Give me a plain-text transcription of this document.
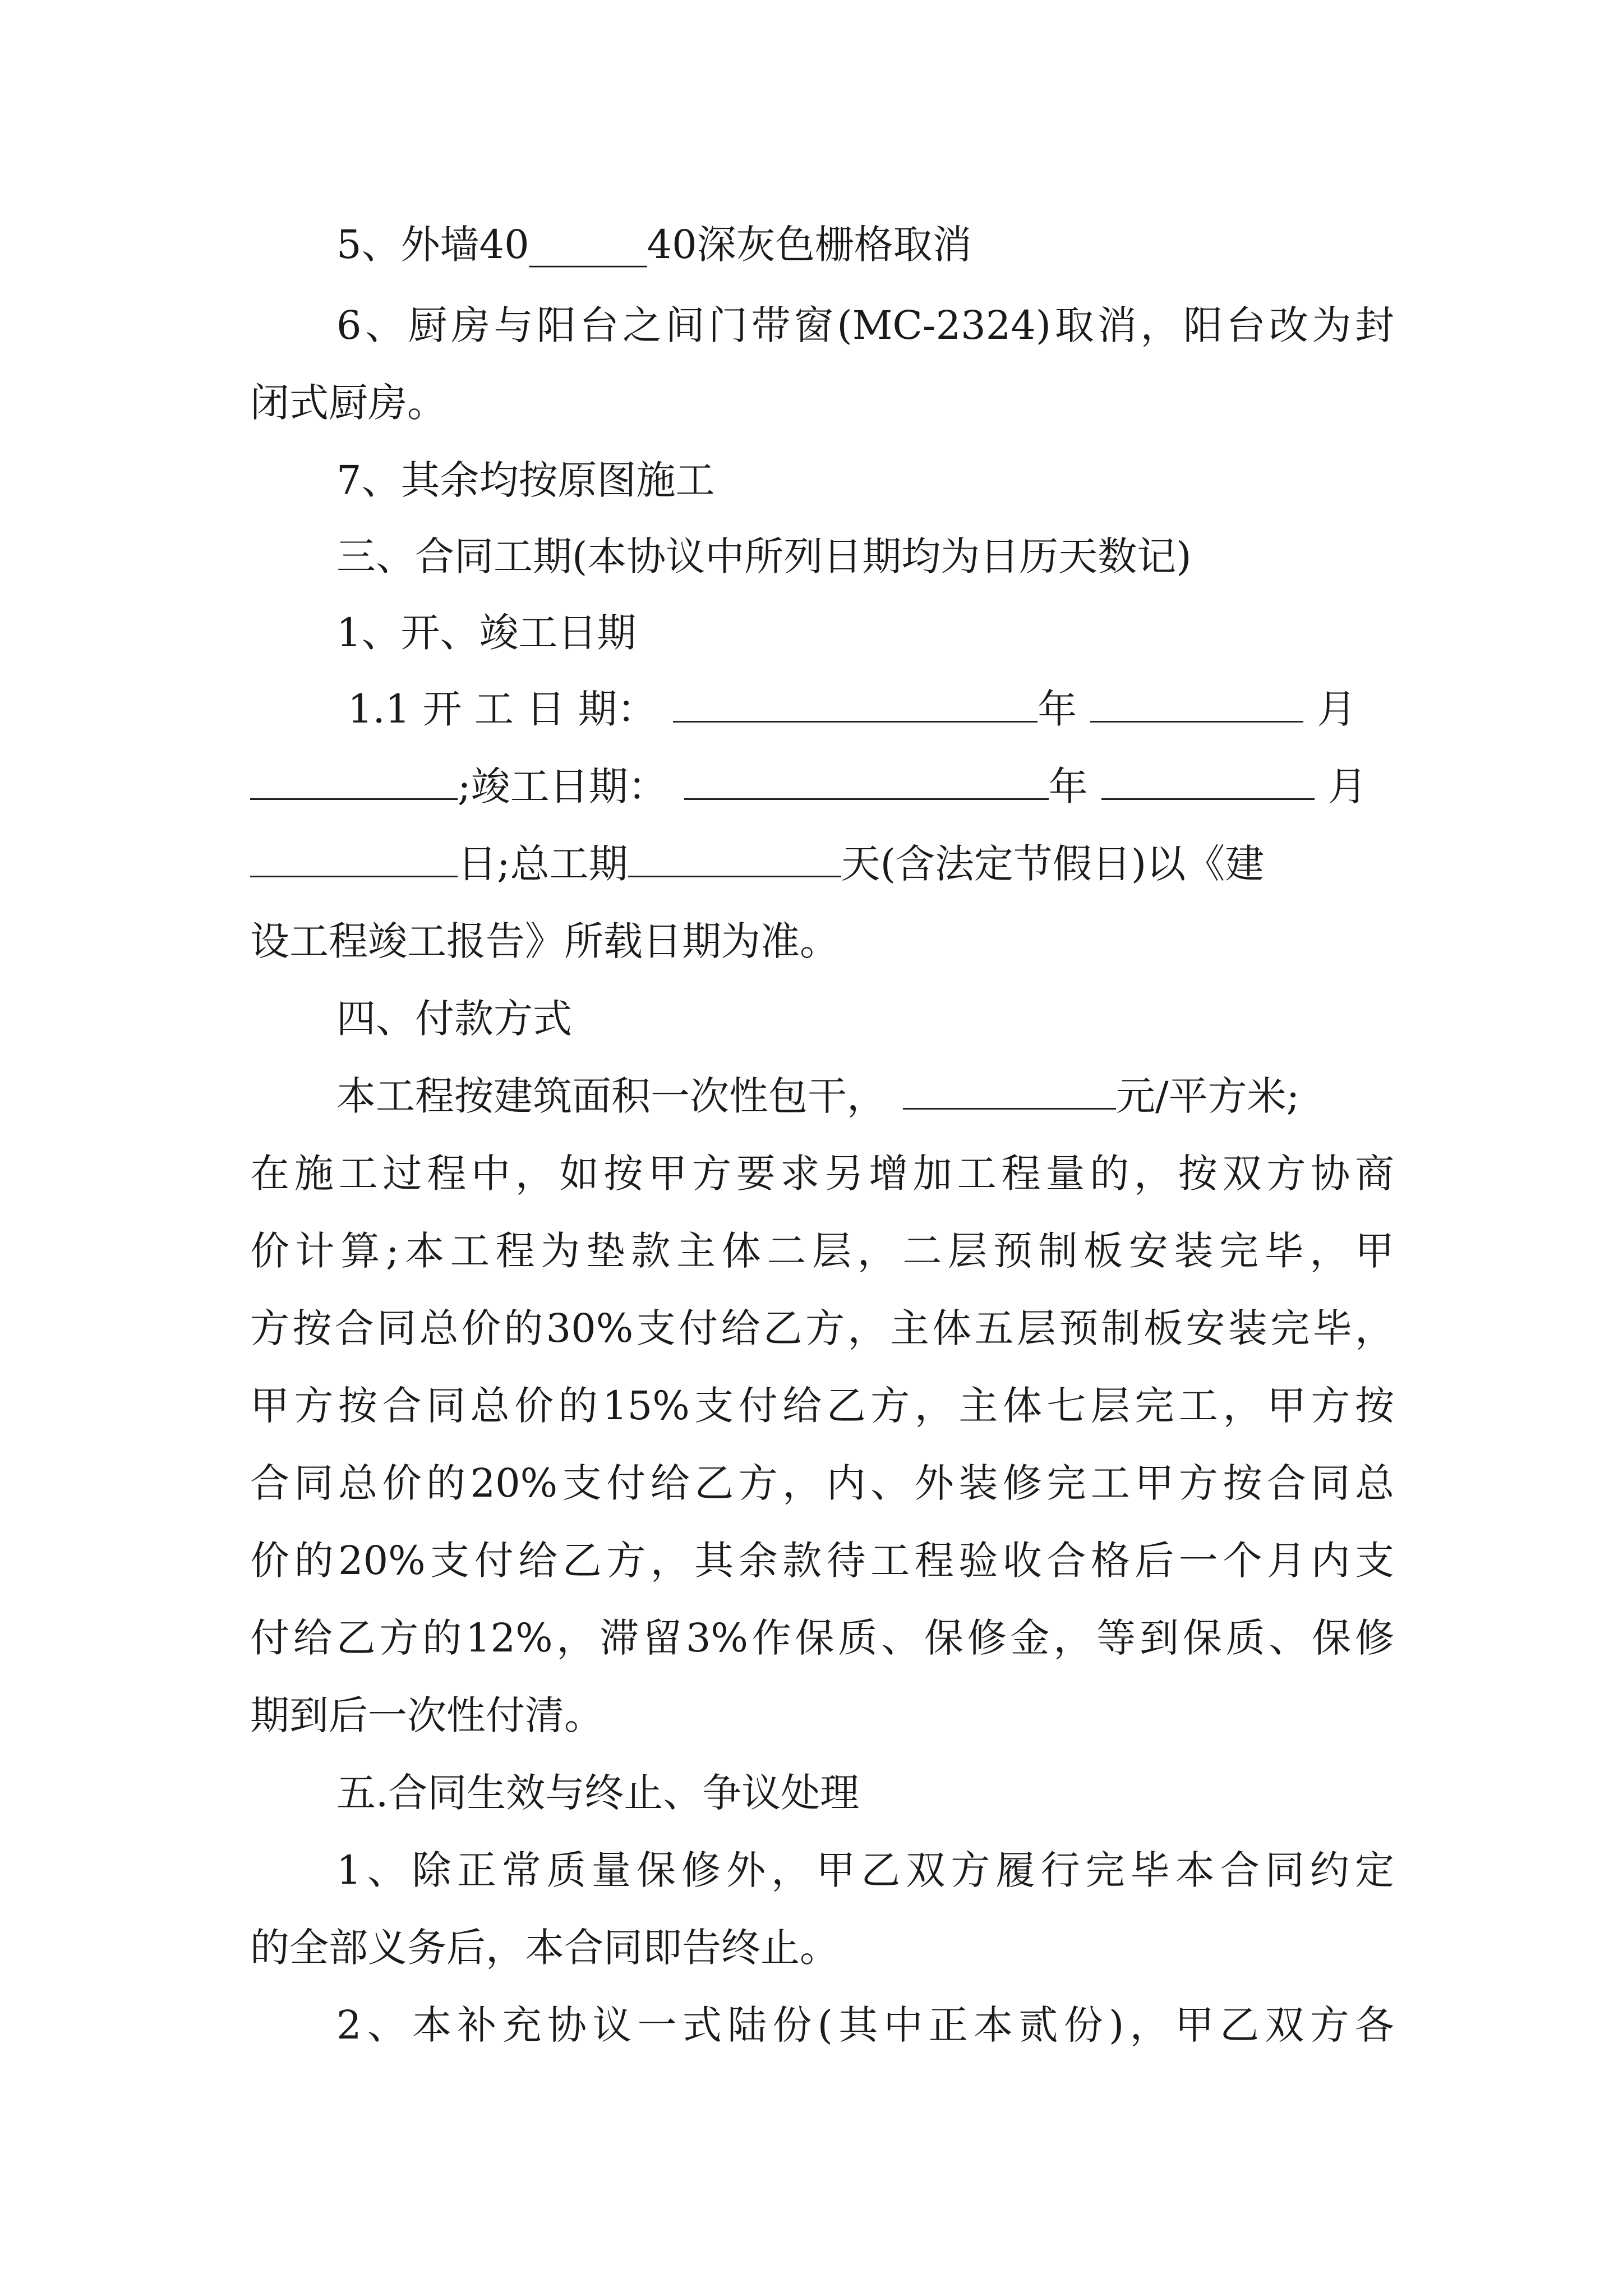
5、外墙40______40深灰色栅格取消
6、厨房与阳台之间门带窗(MC-2324)取消，阳台改为封
闭式厨房。
7、其余均按原图施工
三、合同工期(本协议中所列日期均为日历天数记)
1、开、竣工日期
1.1 开 工 日 期：	年	月
;竣工日期：	年	月
日;总工期	天(含法定节假日)以《建
设工程竣工报告》所载日期为准。
四、付款方式
本工程按建筑面积一次性包干，	元/平方米;
在施工过程中，如按甲方要求另增加工程量的，按双方协商
价计算;本工程为垫款主体二层，二层预制板安装完毕，甲
方按合同总价的30%支付给乙方，主体五层预制板安装完毕，
甲方按合同总价的15%支付给乙方，主体七层完工，甲方按
合同总价的20%支付给乙方，内、外装修完工甲方按合同总
价的20%支付给乙方，其余款待工程验收合格后一个月内支
付给乙方的12%，滞留3%作保质、保修金，等到保质、保修
期到后一次性付清。
五.合同生效与终止、争议处理
1、除正常质量保修外，甲乙双方履行完毕本合同约定
的全部义务后，本合同即告终止。
2、本补充协议一式陆份(其中正本贰份)，甲乙双方各
